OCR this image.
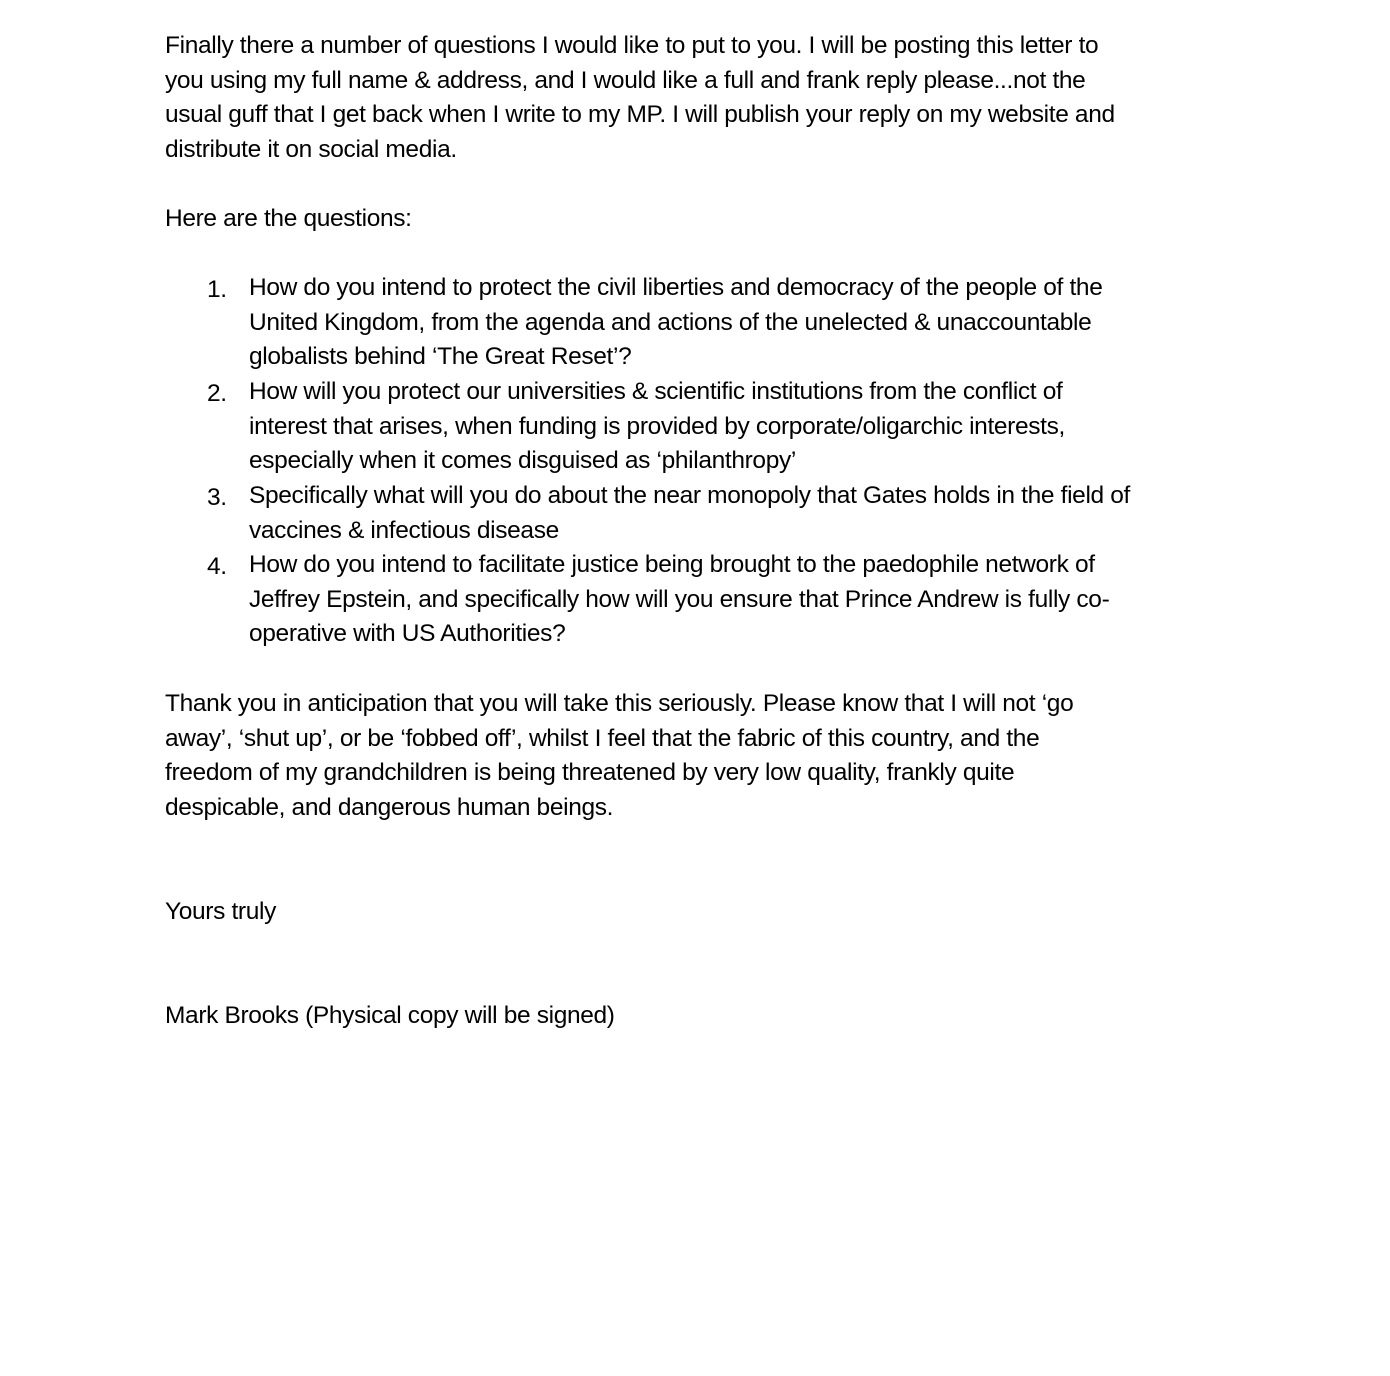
Finally there a number of questions I would like to put to you. I will be posting this letter to
you using my full name & address, and I would like a full and frank reply please...not the
usual guff that I get back when I write to my MP. I will publish your reply on my website and
distribute it on social media.
Here are the questions:
1. How do you intend to protect the civil liberties and democracy of the people of the
United Kingdom, from the agenda and actions of the unelected & unaccountable
globalists behind ‘The Great Reset’?
2. How will you protect our universities & scientific institutions from the conflict of
interest that arises, when funding is provided by corporate/oligarchic interests,
especially when it comes disguised as ‘philanthropy’
3. Specifically what will you do about the near monopoly that Gates holds in the field of
vaccines & infectious disease
4. How do you intend to facilitate justice being brought to the paedophile network of
Jeffrey Epstein, and specifically how will you ensure that Prince Andrew is fully co-
operative with US Authorities?
Thank you in anticipation that you will take this seriously. Please know that I will not ‘go
away’, ‘shut up’, or be ‘fobbed off’, whilst I feel that the fabric of this country, and the
freedom of my grandchildren is being threatened by very low quality, frankly quite
despicable, and dangerous human beings.
Yours truly
Mark Brooks (Physical copy will be signed)
